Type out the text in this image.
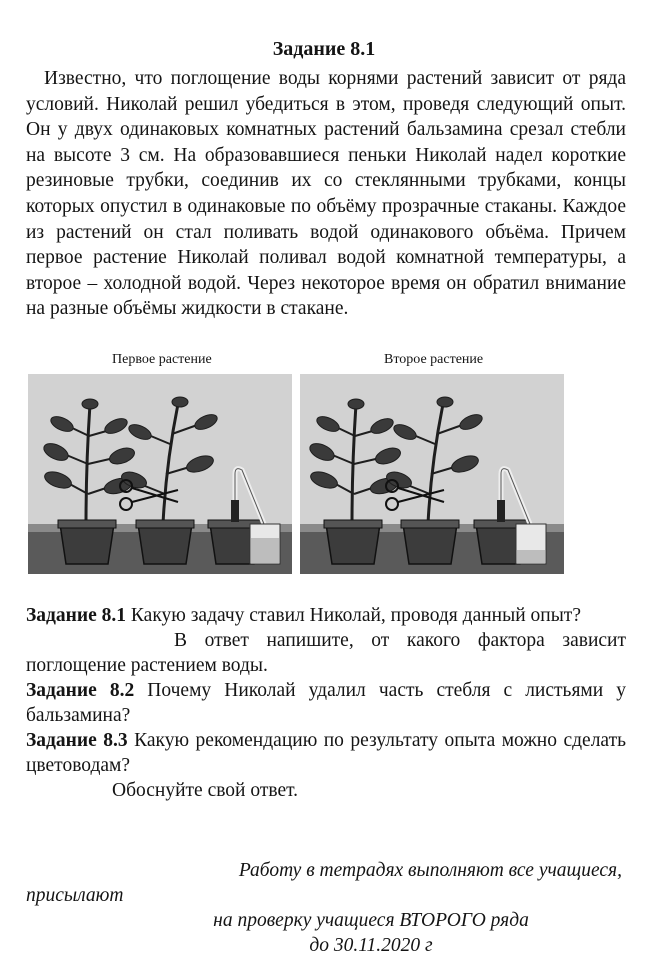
Задание 8.1

Известно, что поглощение воды корнями растений зависит от ряда условий. Николай решил убедиться в этом, проведя следующий опыт. Он у двух одинаковых комнатных растений бальзамина срезал стебли на высоте 3 см. На образовавшиеся пеньки Николай надел короткие резиновые трубки, соединив их со стеклянными трубками, концы которых опустил в одинаковые по объёму прозрачные стаканы. Каждое из растений он стал поливать водой одинакового объёма. Причем первое растение Николай поливал водой комнатной температуры, а второе – холодной водой. Через некоторое время он обратил внимание на разные объёмы жидкости в стакане.

Первое растение	Второе растение

Задание 8.1 Какую задачу ставил Николай, проводя данный опыт?

В ответ напишите, от какого фактора зависит поглощение растением воды.

Задание 8.2 Почему Николай удалил часть стебля с листьями у бальзамина?

Задание 8.3 Какую рекомендацию по результату опыта можно сделать цветоводам?

Обоснуйте свой ответ.

Работу в тетрадях выполняют все учащиеся,
присылают
на проверку учащиеся ВТОРОГО ряда
до 30.11.2020 г
